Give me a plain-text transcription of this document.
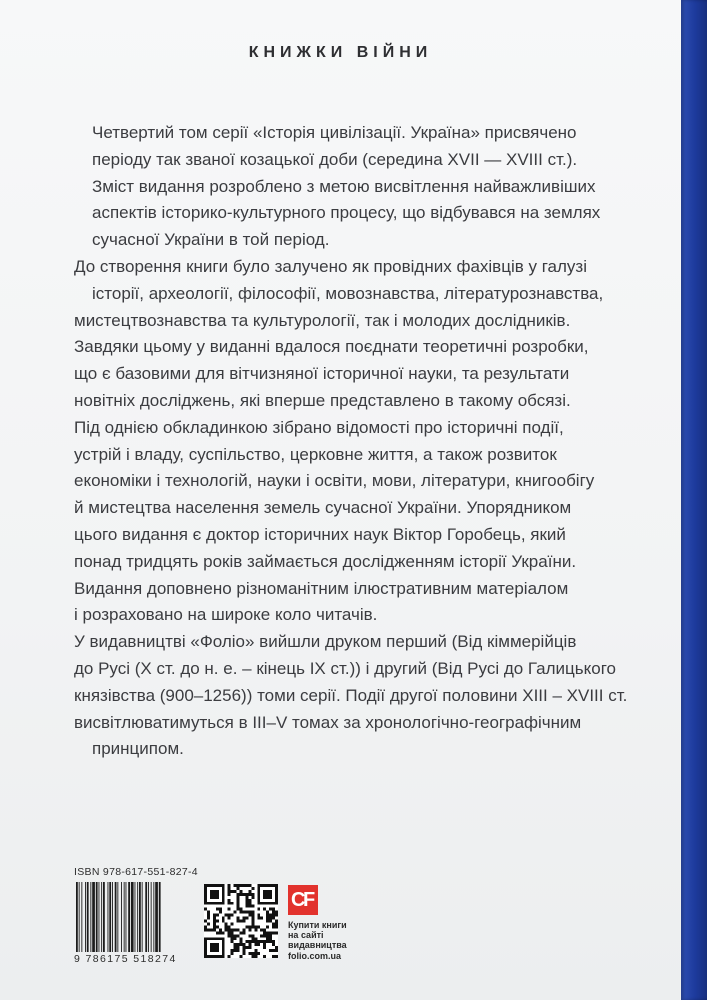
КНИЖКИ ВІЙНИ

Четвертий том серії «Історія цивілізації. Україна» присвячено
періоду так званої козацької доби (середина XVII — XVIII ст.).
Зміст видання розроблено з метою висвітлення найважливіших
аспектів історико-культурного процесу, що відбувався на землях
сучасної України в той період.

До створення книги було залучено як провідних фахівців у галузі
історії, археології, філософії, мовознавства, літературознавства,
мистецтвознавства та культурології, так і молодих дослідників.
Завдяки цьому у виданні вдалося поєднати теоретичні розробки,
що є базовими для вітчизняної історичної науки, та результати
новітніх досліджень, які вперше представлено в такому обсязі.

Під однією обкладинкою зібрано відомості про історичні події,
устрій і владу, суспільство, церковне життя, а також розвиток
економіки і технологій, науки і освіти, мови, літератури, книгообігу
й мистецтва населення земель сучасної України. Упорядником
цього видання є доктор історичних наук Віктор Горобець, який
понад тридцять років займається дослідженням історії України.
Видання доповнено різноманітним ілюстративним матеріалом
і розраховано на широке коло читачів.

У видавництві «Фоліо» вийшли друком перший (Від кіммерійців
до Русі (X ст. до н. е. – кінець IX ст.)) і другий (Від Русі до Галицького
князівства (900–1256)) томи серії. Події другої половини XIII – XVIII ст.
висвітлюватимуться в III–V томах за хронологічно-географічним
принципом.

ISBN 978-617-551-827-4
9 786175 518274
C
F
Купити книги
на сайті
видавництва
folio.com.ua
